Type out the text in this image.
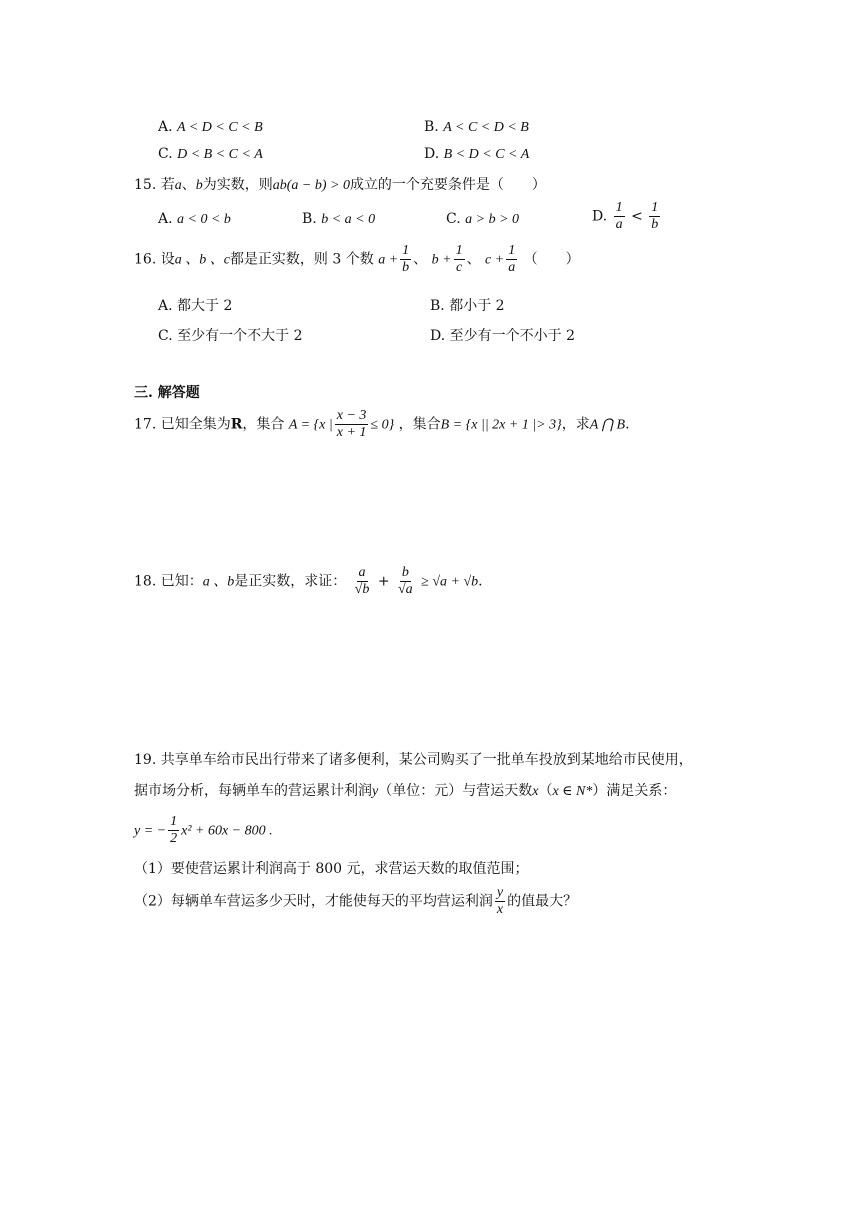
A. A < D < C < B	B. A < C < D < B
C. D < B < C < A	D. B < D < C < A
15. 若a、b为实数，则ab(a − b) > 0成立的一个充要条件是（　　）
A. a < 0 < b	B. b < a < 0	C. a > b > 0	D. $\frac{1}{a} < \frac{1}{b}$
16. 设a 、b 、c都是正实数，则 3 个数 $a + \frac{1}{b}$ 、 $b + \frac{1}{c}$ 、 $c + \frac{1}{a}$ （　　）
A. 都大于 2	B. 都小于 2
C. 至少有一个不大于 2	D. 至少有一个不小于 2
三. 解答题
17. 已知全集为R，集合 A = {x | $\frac{x - 3}{x + 1} \le 0$} ，集合B = {x || 2x + 1 |> 3}，求A ⋂ B.
18. 已知：a 、b是正实数，求证： $\frac{a}{√b} + \frac{b}{√a} \ge √a + √b$.
19. 共享单车给市民出行带来了诸多便利，某公司购买了一批单车投放到某地给市民使用，
据市场分析，每辆单车的营运累计利润y（单位：元）与营运天数x（x ∈ N*）满足关系：
y = − $\frac{1}{2} x^2 + 60x - 800$ .
（1）要使营运累计利润高于 800 元，求营运天数的取值范围；
（2）每辆单车营运多少天时，才能使每天的平均营运利润 $\frac{y}{x}$ 的值最大？
